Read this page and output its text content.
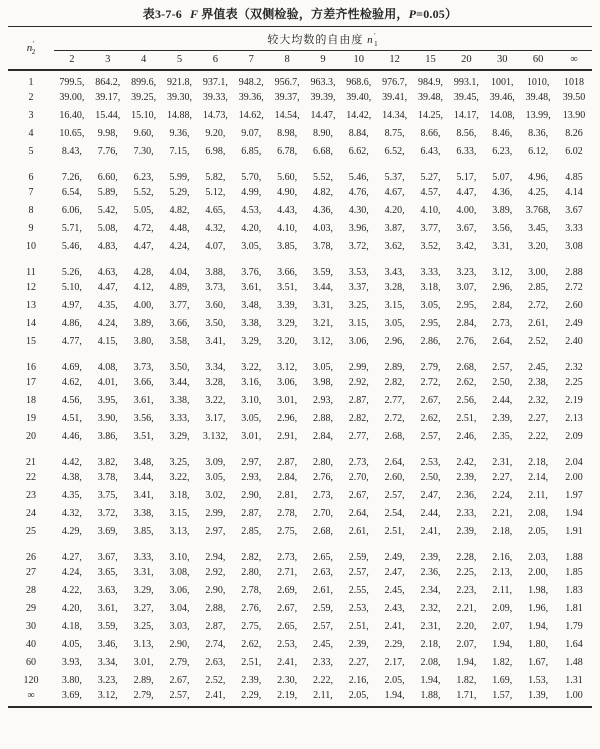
表3-7-6 F 界值表（双侧检验，方差齐性检验用，P=0.05）
$n'_2$	较大均数的自由度 $n'_1$
	2	3	4	5	6	7	8	9	10	12	15	20	30	60	∞
1	799.5,	864.2,	899.6,	921.8,	937.1,	948.2,	956.7,	963.3,	968.6,	976.7,	984.9,	993.1,	1001,	1010,	1018
2	39.00,	39.17,	39.25,	39.30,	39.33,	39.36,	39.37,	39.39,	39.40,	39.41,	39.48,	39.45,	39.46,	39.48,	39.50
3	16.40,	15.44,	15.10,	14.88,	14.73,	14.62,	14.54,	14.47,	14.42,	14.34,	14.25,	14.17,	14.08,	13.99,	13.90
4	10.65,	9.98,	9.60,	9.36,	9.20,	9.07,	8.98,	8.90,	8.84,	8.75,	8.66,	8.56,	8.46,	8.36,	8.26
5	8.43,	7.76,	7.30,	7.15,	6.98,	6.85,	6.78,	6.68,	6.62,	6.52,	6.43,	6.33,	6.23,	6.12,	6.02
6	7.26,	6.60,	6.23,	5.99,	5.82,	5.70,	5.60,	5.52,	5.46,	5.37,	5.27,	5.17,	5.07,	4.96,	4.85
7	6.54,	5.89,	5.52,	5.29,	5.12,	4.99,	4.90,	4.82,	4.76,	4.67,	4.57,	4.47,	4.36,	4.25,	4.14
8	6.06,	5.42,	5.05,	4.82,	4.65,	4.53,	4.43,	4.36,	4.30,	4.20,	4.10,	4.00,	3.89,	3.768,	3.67
9	5.71,	5.08,	4.72,	4.48,	4.32,	4.20,	4.10,	4.03,	3.96,	3.87,	3.77,	3.67,	3.56,	3.45,	3.33
10	5.46,	4.83,	4.47,	4.24,	4.07,	3.05,	3.85,	3.78,	3.72,	3.62,	3.52,	3.42,	3.31,	3.20,	3.08
11	5.26,	4.63,	4.28,	4.04,	3.88,	3.76,	3.66,	3.59,	3.53,	3.43,	3.33,	3.23,	3.12,	3.00,	2.88
12	5.10,	4.47,	4.12,	4.89,	3.73,	3.61,	3.51,	3.44,	3.37,	3.28,	3.18,	3.07,	2.96,	2.85,	2.72
13	4.97,	4.35,	4.00,	3.77,	3.60,	3.48,	3.39,	3.31,	3.25,	3.15,	3.05,	2.95,	2.84,	2.72,	2.60
14	4.86,	4.24,	3.89,	3.66,	3.50,	3.38,	3.29,	3.21,	3.15,	3.05,	2.95,	2.84,	2.73,	2.61,	2.49
15	4.77,	4.15,	3.80,	3.58,	3.41,	3.29,	3.20,	3.12,	3.06,	2.96,	2.86,	2.76,	2.64,	2.52,	2.40
16	4.69,	4.08,	3.73,	3.50,	3.34,	3.22,	3.12,	3.05,	2.99,	2.89,	2.79,	2.68,	2.57,	2.45,	2.32
17	4.62,	4.01,	3.66,	3.44,	3.28,	3.16,	3.06,	3.98,	2.92,	2.82,	2.72,	2.62,	2.50,	2.38,	2.25
18	4.56,	3.95,	3.61,	3.38,	3.22,	3.10,	3.01,	2.93,	2.87,	2.77,	2.67,	2.56,	2.44,	2.32,	2.19
19	4.51,	3.90,	3.56,	3.33,	3.17,	3.05,	2.96,	2.88,	2.82,	2.72,	2.62,	2.51,	2.39,	2.27,	2.13
20	4.46,	3.86,	3.51,	3.29,	3.132,	3.01,	2.91,	2.84,	2.77,	2.68,	2.57,	2.46,	2.35,	2.22,	2.09
21	4.42,	3.82,	3.48,	3.25,	3.09,	2.97,	2.87,	2.80,	2.73,	2.64,	2.53,	2.42,	2.31,	2.18,	2.04
22	4.38,	3.78,	3.44,	3.22,	3.05,	2.93,	2.84,	2.76,	2.70,	2.60,	2.50,	2.39,	2.27,	2.14,	2.00
23	4.35,	3.75,	3.41,	3.18,	3.02,	2.90,	2.81,	2.73,	2.67,	2.57,	2.47,	2.36,	2.24,	2.11,	1.97
24	4.32,	3.72,	3.38,	3.15,	2.99,	2.87,	2.78,	2.70,	2.64,	2.54,	2.44,	2.33,	2.21,	2.08,	1.94
25	4.29,	3.69,	3.85,	3.13,	2.97,	2.85,	2.75,	2.68,	2.61,	2.51,	2.41,	2.39,	2.18,	2.05,	1.91
26	4.27,	3.67,	3.33,	3.10,	2.94,	2.82,	2.73,	2.65,	2.59,	2.49,	2.39,	2.28,	2.16,	2.03,	1.88
27	4.24,	3.65,	3.31,	3.08,	2.92,	2.80,	2.71,	2.63,	2.57,	2.47,	2.36,	2.25,	2.13,	2.00,	1.85
28	4.22,	3.63,	3.29,	3.06,	2.90,	2.78,	2.69,	2.61,	2.55,	2.45,	2.34,	2.23,	2.11,	1.98,	1.83
29	4.20,	3.61,	3.27,	3.04,	2.88,	2.76,	2.67,	2.59,	2.53,	2.43,	2.32,	2.21,	2.09,	1.96,	1.81
30	4.18,	3.59,	3.25,	3.03,	2.87,	2.75,	2.65,	2.57,	2.51,	2.41,	2.31,	2.20,	2.07,	1.94,	1.79
40	4.05,	3.46,	3.13,	2.90,	2.74,	2.62,	2.53,	2.45,	2.39,	2.29,	2.18,	2.07,	1.94,	1.80,	1.64
60	3.93,	3.34,	3.01,	2.79,	2.63,	2.51,	2.41,	2.33,	2.27,	2.17,	2.08,	1.94,	1.82,	1.67,	1.48
120	3.80,	3.23,	2.89,	2.67,	2.52,	2.39,	2.30,	2.22,	2.16,	2.05,	1.94,	1.82,	1.69,	1.53,	1.31
∞	3.69,	3.12,	2.79,	2.57,	2.41,	2.29,	2.19,	2.11,	2.05,	1.94,	1.88,	1.71,	1.57,	1.39,	1.00
